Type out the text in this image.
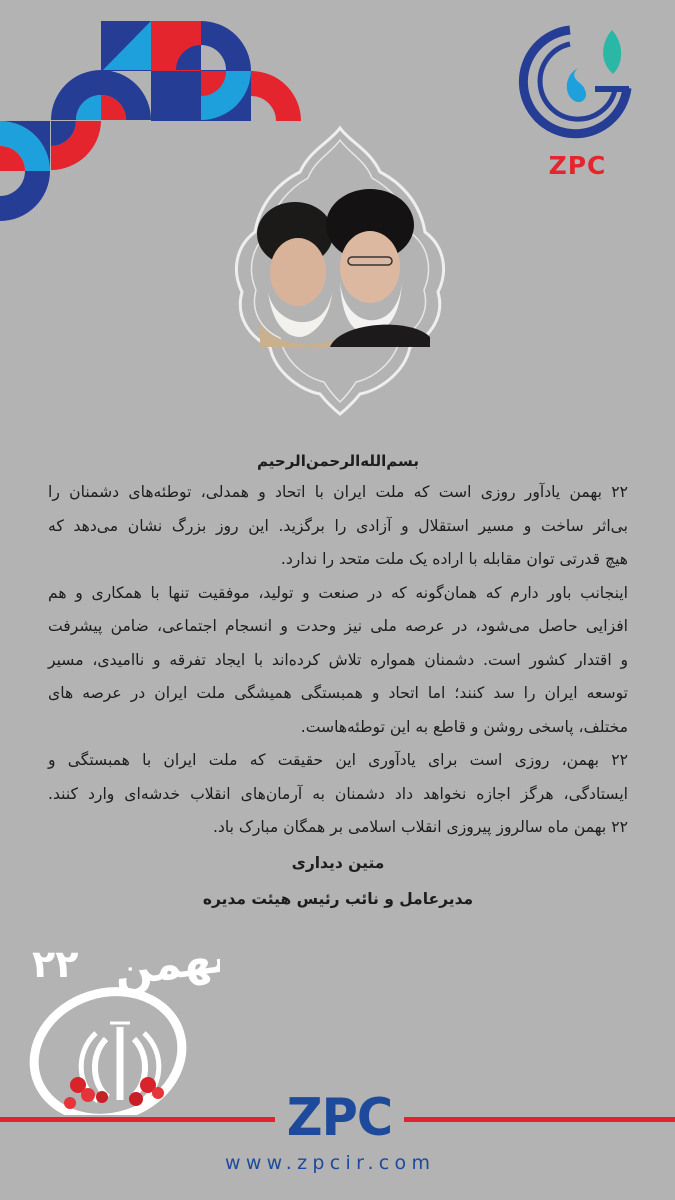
ZPC
بسم‌الله‌الرحمن‌الرحیم
۲۲ بهمن یادآور روزی است که ملت ایران با اتحاد و همدلی، توطئه‌های دشمنان را
بی‌اثر ساخت و مسیر استقلال و آزادی را برگزید. این روز بزرگ نشان می‌دهد که
هیچ قدرتی توان مقابله با اراده یک ملت متحد را ندارد.
اینجانب باور دارم که همان‌گونه که در صنعت و تولید، موفقیت تنها با همکاری و هم
افزایی حاصل می‌شود، در عرصه ملی نیز وحدت و انسجام اجتماعی، ضامن پیشرفت
و اقتدار کشور است. دشمنان همواره تلاش کرده‌اند با ایجاد تفرقه و ناامیدی، مسیر
توسعه ایران را سد کنند؛ اما اتحاد و همبستگی همیشگی ملت ایران در عرصه های
مختلف، پاسخی روشن و قاطع به این توطئه‌هاست.
۲۲ بهمن، روزی است برای یادآوری این حقیقت که ملت ایران با همبستگی و
ایستادگی، هرگز اجازه نخواهد داد دشمنان به آرمان‌های انقلاب خدشه‌ای وارد کنند.
۲۲ بهمن ماه سالروز پیروزی انقلاب اسلامی بر همگان مبارک باد.
متین دیداری
مدیرعامل و نائب رئیس هیئت مدیره
۲۲ بهمن
ZPC
www.zpcir.com
